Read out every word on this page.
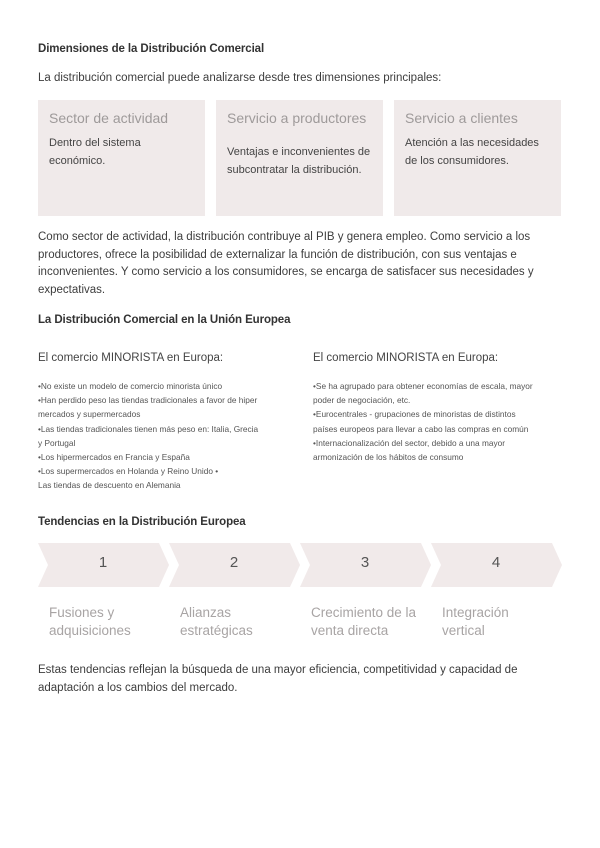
Dimensiones de la Distribución Comercial
La distribución comercial puede analizarse desde tres dimensiones principales:
Sector de actividad
Dentro del sistema económico.
Servicio a productores
Ventajas e inconvenientes de subcontratar la distribución.
Servicio a clientes
Atención a las necesidades de los consumidores.
Como sector de actividad, la distribución contribuye al PIB y genera empleo. Como servicio a los productores, ofrece la posibilidad de externalizar la función de distribución, con sus ventajas e inconvenientes. Y como servicio a los consumidores, se encarga de satisfacer sus necesidades y expectativas.
La Distribución Comercial en la Unión Europea
El comercio MINORISTA en Europa:
•No existe un modelo de comercio minorista único
•Han perdido peso las tiendas tradicionales a favor de hiper
mercados y supermercados
•Las tiendas tradicionales tienen más peso en: Italia, Grecia
y Portugal
•Los hipermercados en Francia y España
•Los supermercados en Holanda y Reino Unido •
Las tiendas de descuento en Alemania
El comercio MINORISTA en Europa:
•Se ha agrupado para obtener economías de escala, mayor
poder de negociación, etc.
•Eurocentrales - grupaciones de minoristas de distintos
países europeos para llevar a cabo las compras en común
•Internacionalización del sector, debido a una mayor
armonización de los hábitos de consumo
Tendencias en la Distribución Europea
1	2	3	4
Fusiones y adquisiciones
Alianzas estratégicas
Crecimiento de la venta directa
Integración vertical
Estas tendencias reflejan la búsqueda de una mayor eficiencia, competitividad y capacidad de adaptación a los cambios del mercado.
